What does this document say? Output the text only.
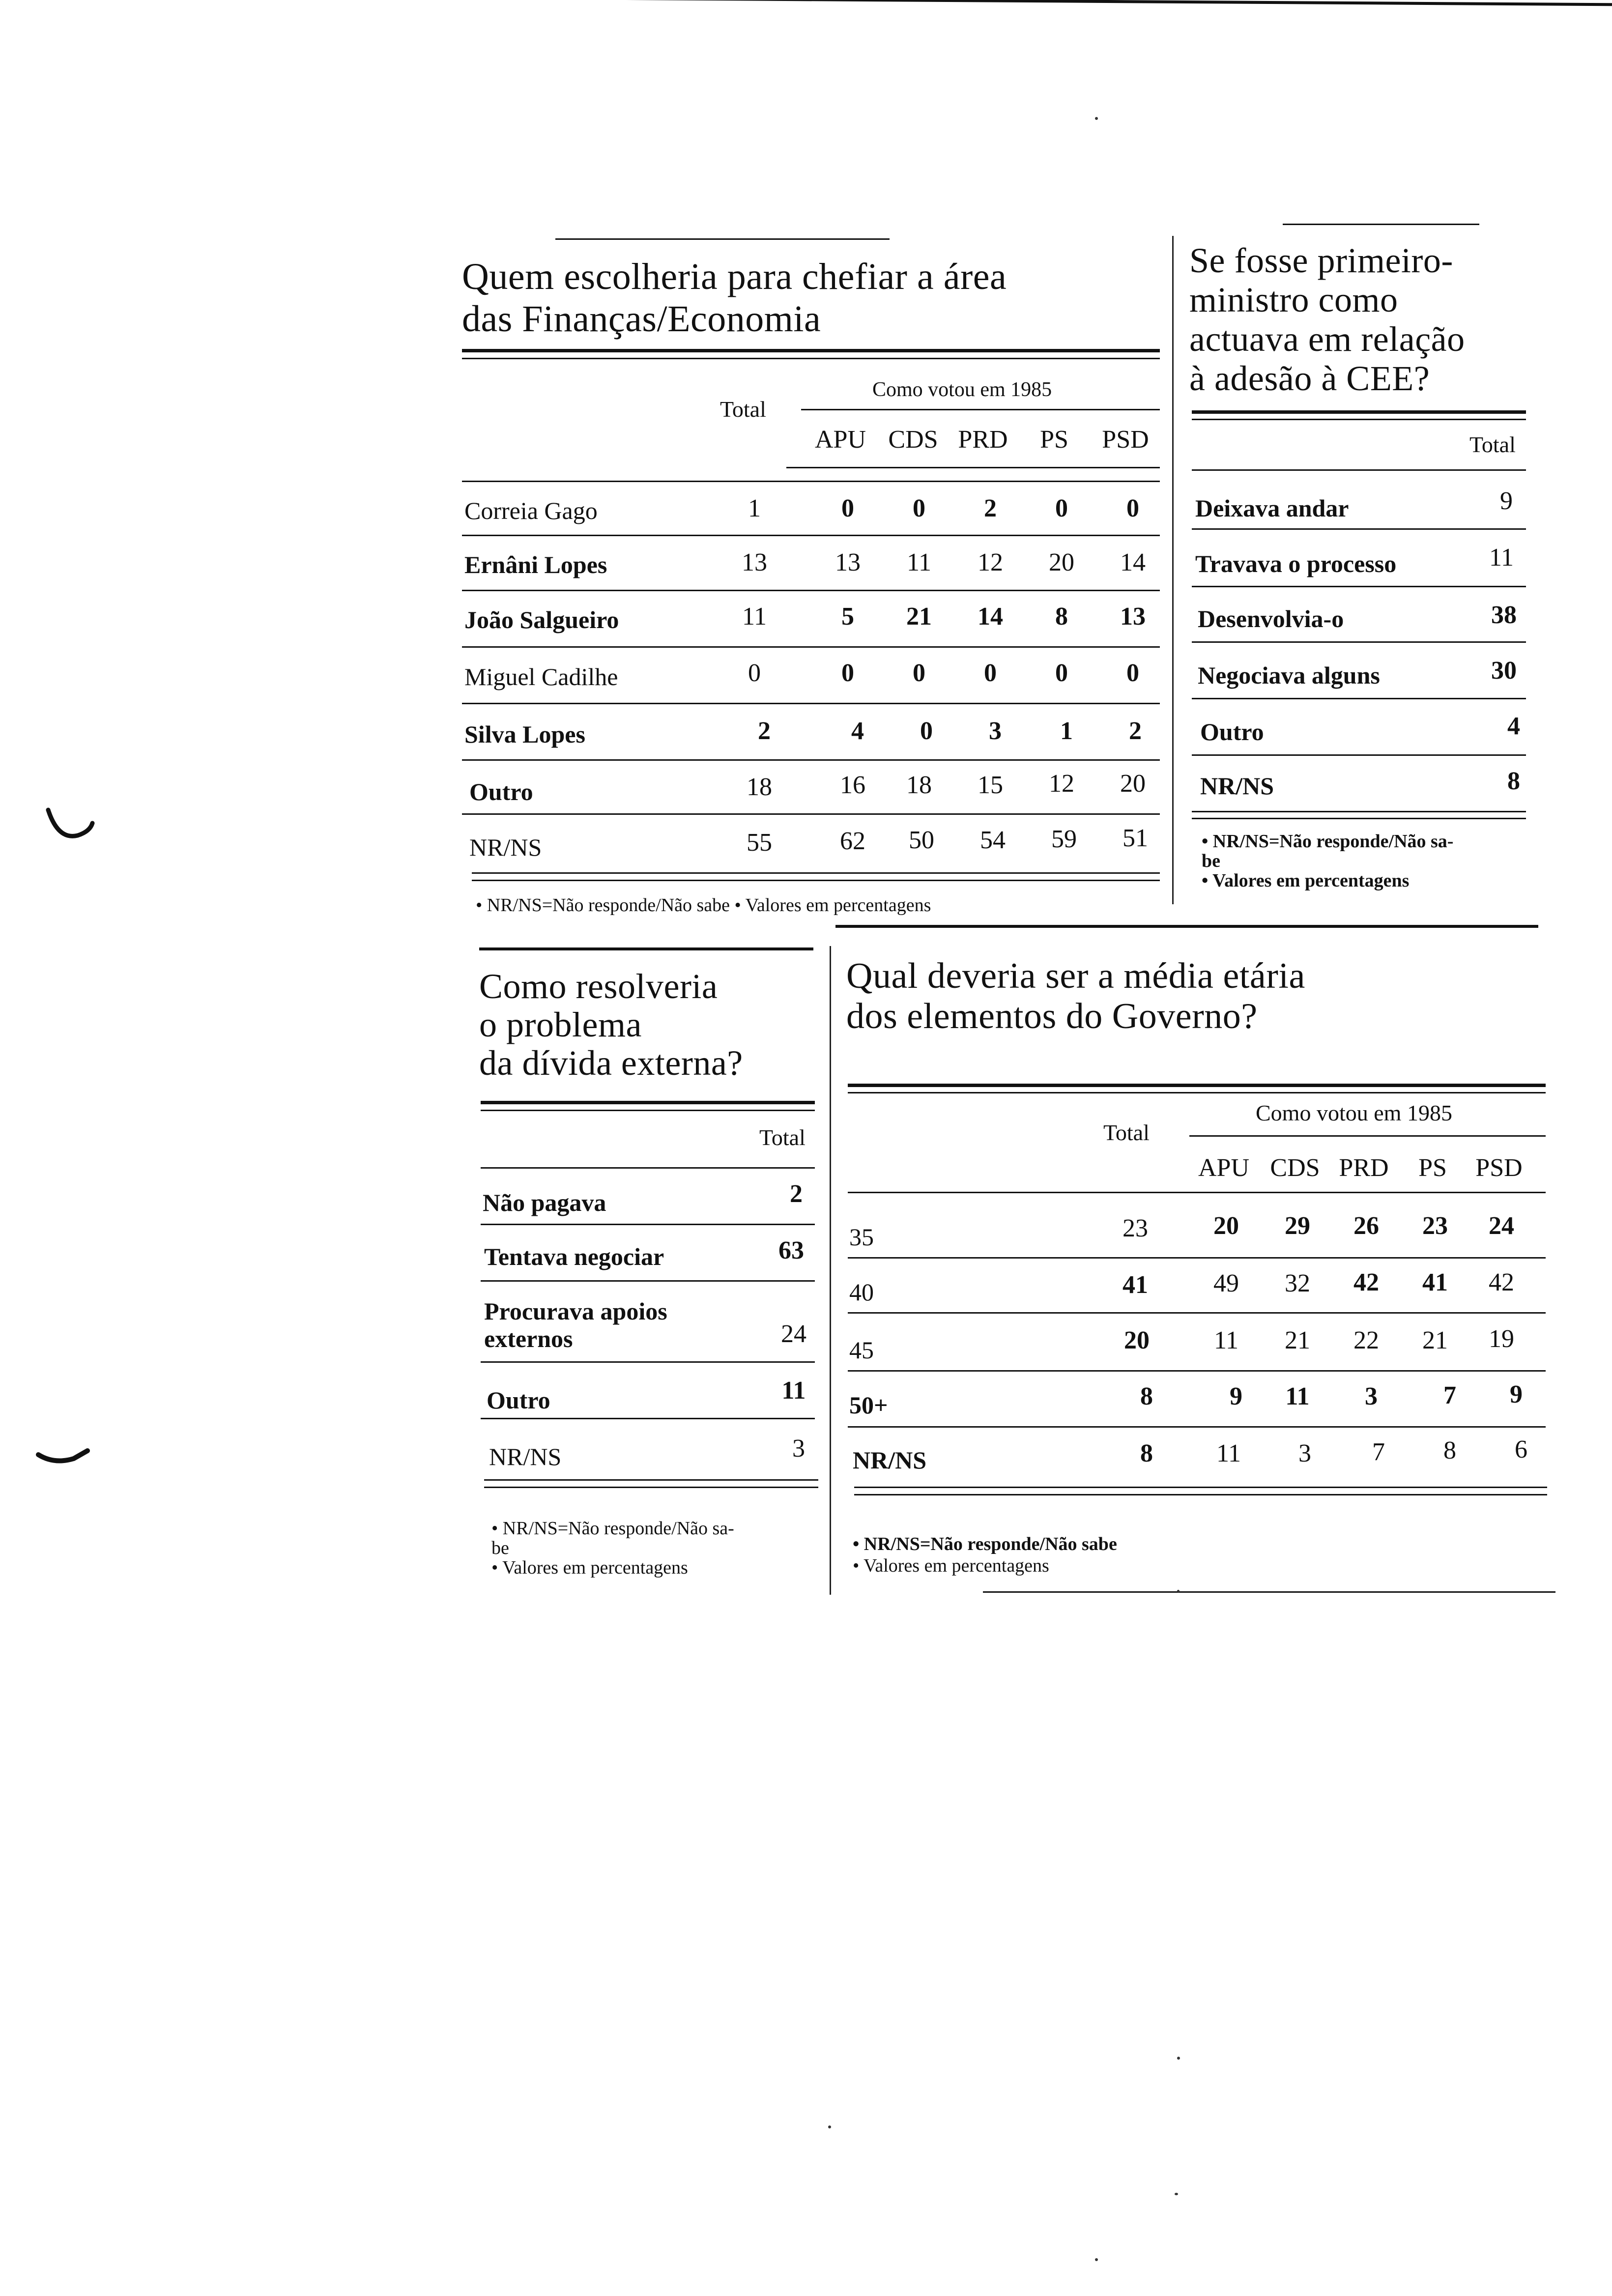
Quem escolheria para chefiar a área
das Finanças/Economia
Total
Como votou em 1985
APU CDS PRD	PS	PSD
Correia Gago	1	0	0	2	0	0
Ernâni Lopes	13	13	11	12	20	14
João Salgueiro	11	5	21	14	8	13
Miguel Cadilhe	0	0	0	0	0	0
Silva Lopes	2	4	0	3	1	2
Outro	18	16	18	15	12	20
NR/NS	55	62	50	54	59	51
• NR/NS=Não responde/Não sabe • Valores em percentagens
Se fosse primeiro-
ministro como
actuava em relação
à adesão à CEE?
Total
Deixava andar	9
Travava o processo	11
Desenvolvia-o	38
Negociava alguns	30
Outro	4
NR/NS	8
• NR/NS=Não responde/Não sa-
be
• Valores em percentagens
Como resolveria
o problema
da dívida externa?
Total
Não pagava	2
Tentava negociar	63
Procurava apoios
externos	24
Outro	11
NR/NS	3
• NR/NS=Não responde/Não sa-
be
• Valores em percentagens
Qual deveria ser a média etária
dos elementos do Governo?
Total
Como votou em 1985
APU CDS PRD	PS	PSD
35	23	20	29	26	23	24
40	41	49	32	42	41	42
45	20	11	21	22	21	19
50+	8	9	11	3	7	9
NR/NS	8	11	3	7	8	6
• NR/NS=Não responde/Não sabe
• Valores em percentagens
